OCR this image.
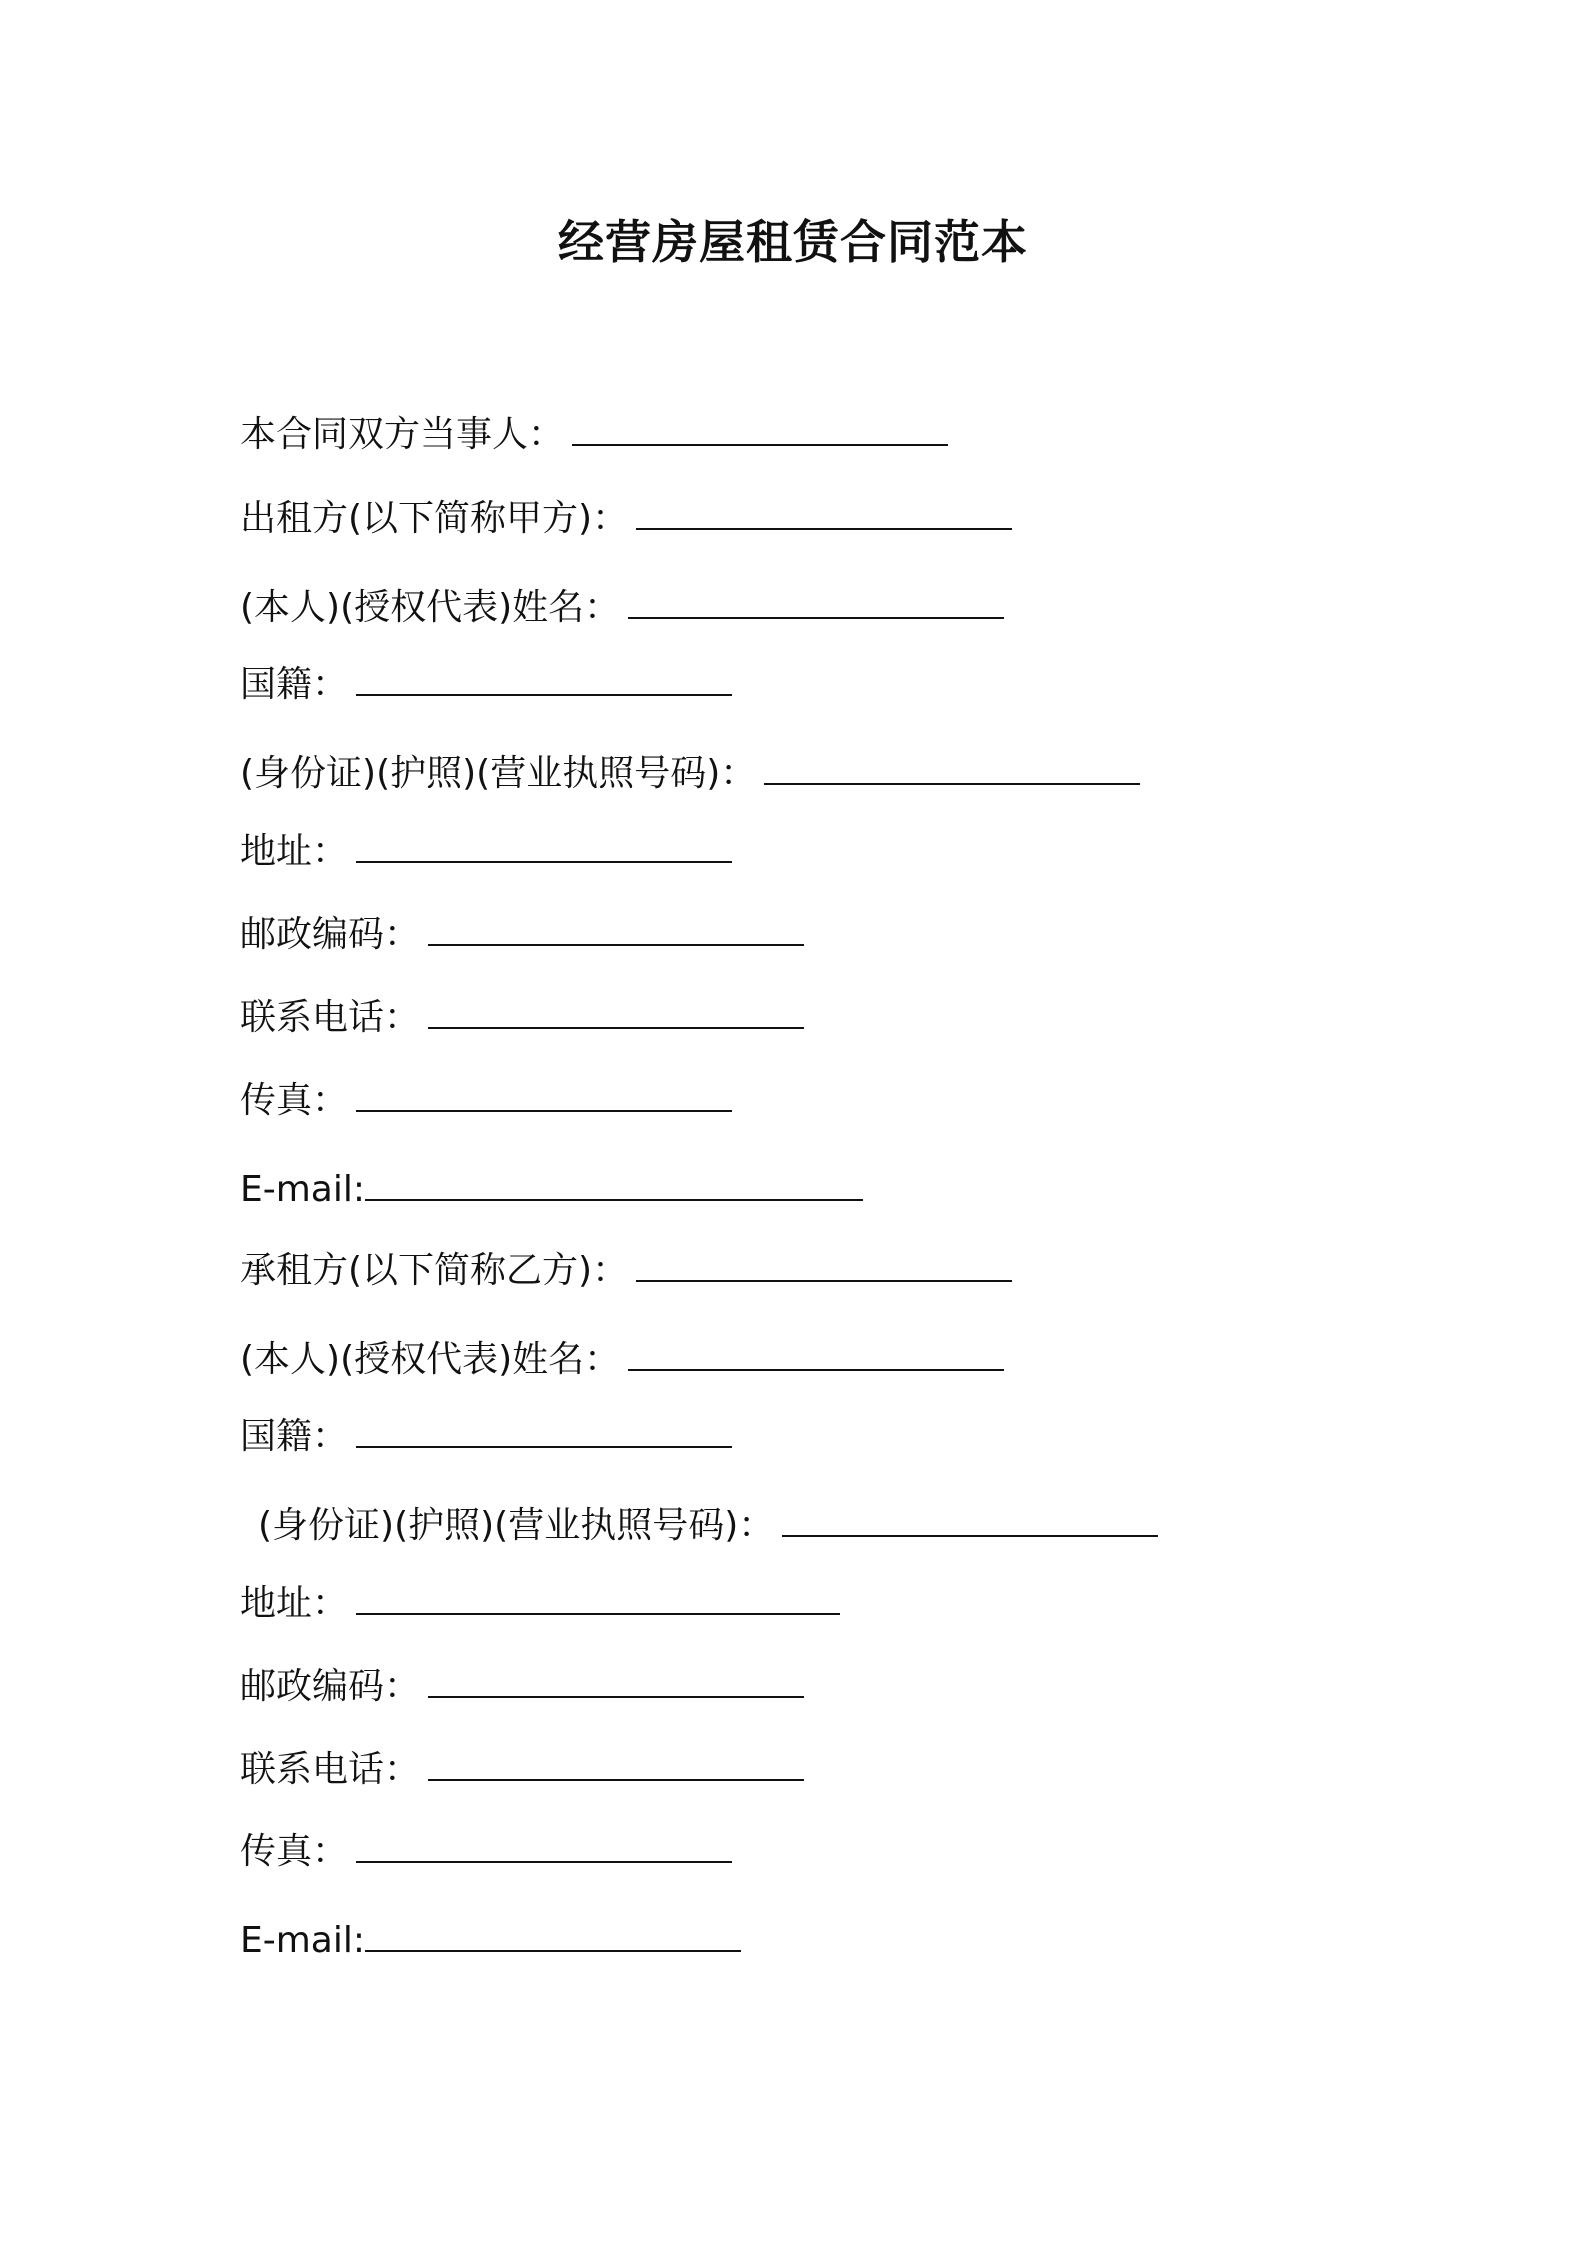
经营房屋租赁合同范本
本合同双方当事人：
出租方(以下简称甲方)：
(本人)(授权代表)姓名：
国籍：
(身份证)(护照)(营业执照号码)：
地址：
邮政编码：
联系电话：
传真：
E-mail:
承租方(以下简称乙方)：
(本人)(授权代表)姓名：
国籍：
(身份证)(护照)(营业执照号码)：
地址：
邮政编码：
联系电话：
传真：
E-mail:
